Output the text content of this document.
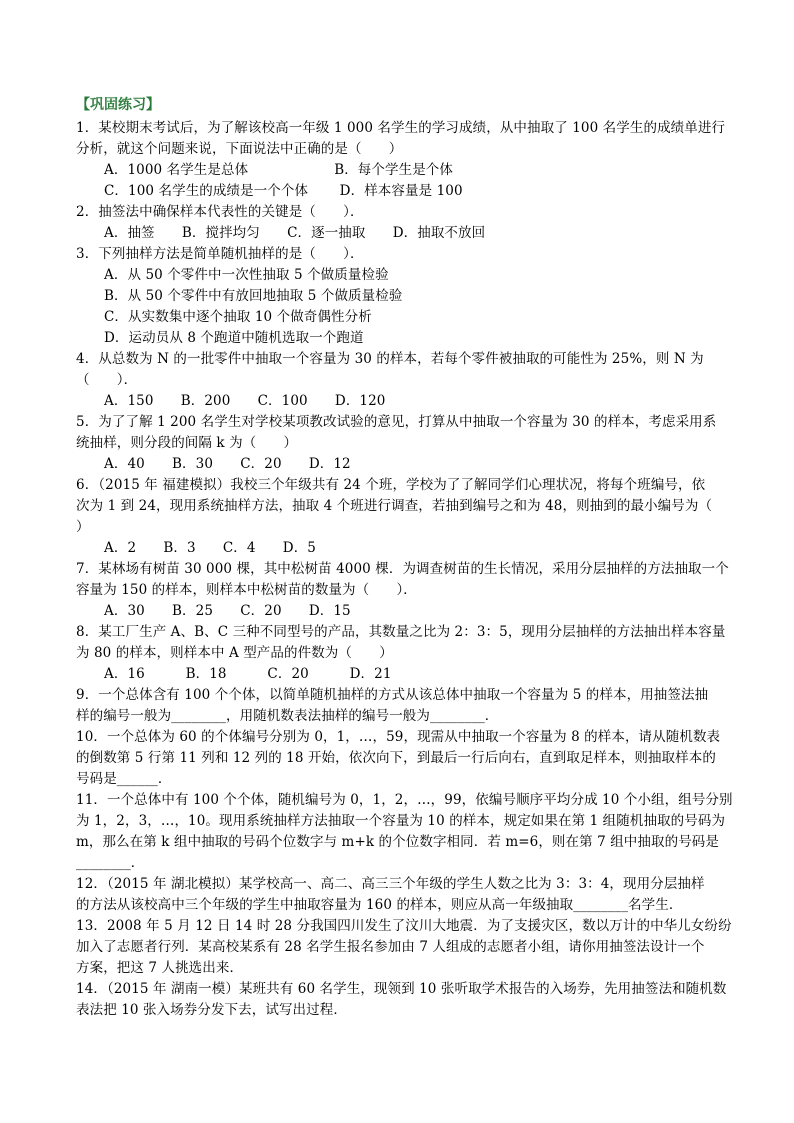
【巩固练习】
1．某校期末考试后，为了解该校高一年级 1 000 名学生的学习成绩，从中抽取了 100 名学生的成绩单进行
分析，就这个问题来说，下面说法中正确的是（　　）
A．1000 名学生是总体　　　　　　 B．每个学生是个体
C．100 名学生的成绩是一个个体　　 D．样本容量是 100
2．抽签法中确保样本代表性的关键是（　　）．
A．抽签　　B．搅拌均匀　　C．逐一抽取　　D．抽取不放回
3．下列抽样方法是简单随机抽样的是（　　）．
A．从 50 个零件中一次性抽取 5 个做质量检验
B．从 50 个零件中有放回地抽取 5 个做质量检验
C．从实数集中逐个抽取 10 个做奇偶性分析
D．运动员从 8 个跑道中随机选取一个跑道
4．从总数为 N 的一批零件中抽取一个容量为 30 的样本，若每个零件被抽取的可能性为 25%，则 N 为
（　　）．
A．150　　B．200　　C．100　　D．120
5．为了了解 1 200 名学生对学校某项教改试验的意见，打算从中抽取一个容量为 30 的样本，考虑采用系
统抽样，则分段的间隔 k 为（　　）
A．40　　B．30　　C．20　　D．12
6．（2015 年 福建模拟）我校三个年级共有 24 个班，学校为了了解同学们心理状况，将每个班编号，依
次为 1 到 24，现用系统抽样方法，抽取 4 个班进行调查，若抽到编号之和为 48，则抽到的最小编号为（
）
A．2　　B．3　　C．4　　D．5
7．某林场有树苗 30 000 棵，其中松树苗 4000 棵．为调查树苗的生长情况，采用分层抽样的方法抽取一个
容量为 150 的样本，则样本中松树苗的数量为（　　）．
A．30　　B．25　　C．20　　D．15
8．某工厂生产 A、B、C 三种不同型号的产品，其数量之比为 2：3：5，现用分层抽样的方法抽出样本容量
为 80 的样本，则样本中 A 型产品的件数为（　　）
A．16　　　B．18　　　C．20　　　D．21
9．一个总体含有 100 个个体，以简单随机抽样的方式从该总体中抽取一个容量为 5 的样本，用抽签法抽
样的编号一般为________，用随机数表法抽样的编号一般为________．
10．一个总体为 60 的个体编号分别为 0，1，…，59，现需从中抽取一个容量为 8 的样本，请从随机数表
的倒数第 5 行第 11 列和 12 列的 18 开始，依次向下，到最后一行后向右，直到取足样本，则抽取样本的
号码是______．
11．一个总体中有 100 个个体，随机编号为 0，1，2，…，99，依编号顺序平均分成 10 个小组，组号分别
为 1，2，3，…，10。现用系统抽样方法抽取一个容量为 10 的样本，规定如果在第 1 组随机抽取的号码为
m，那么在第 k 组中抽取的号码个位数字与 m+k 的个位数字相同．若 m=6，则在第 7 组中抽取的号码是
________．
12．（2015 年 湖北模拟）某学校高一、高二、高三三个年级的学生人数之比为 3：3：4，现用分层抽样
的方法从该校高中三个年级的学生中抽取容量为 160 的样本，则应从高一年级抽取________名学生．
13．2008 年 5 月 12 日 14 时 28 分我国四川发生了汶川大地震．为了支援灾区，数以万计的中华儿女纷纷
加入了志愿者行列．某高校某系有 28 名学生报名参加由 7 人组成的志愿者小组，请你用抽签法设计一个
方案，把这 7 人挑选出来．
14．（2015 年 湖南一模）某班共有 60 名学生，现领到 10 张听取学术报告的入场券，先用抽签法和随机数
表法把 10 张入场券分发下去，试写出过程．
